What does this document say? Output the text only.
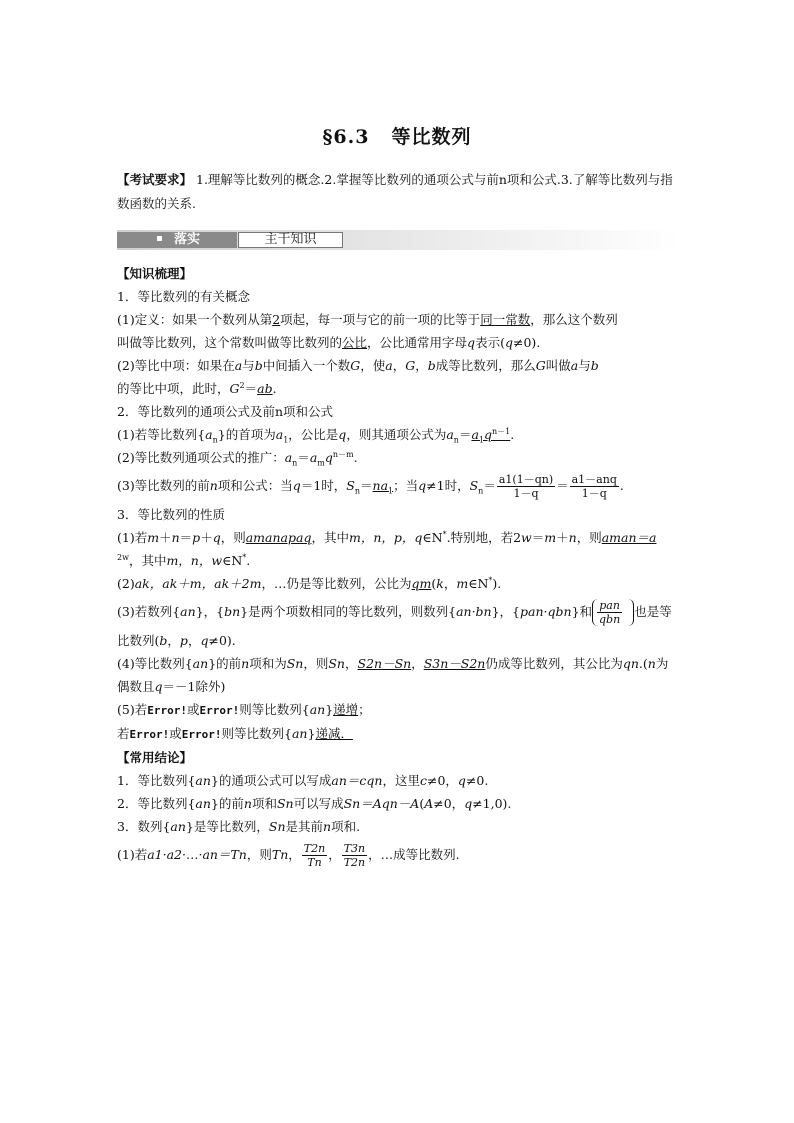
§6.3 等比数列
【考试要求】 1.理解等比数列的概念.2.掌握等比数列的通项公式与前n项和公式.3.了解等比数列与指数函数的关系.
落实	主干知识
【知识梳理】
1．等比数列的有关概念
(1)定义：如果一个数列从第2项起，每一项与它的前一项的比等于同一常数，那么这个数列
叫做等比数列，这个常数叫做等比数列的公比，公比通常用字母q表示(q≠0).
(2)等比中项：如果在a与b中间插入一个数G，使a，G，b成等比数列，那么G叫做a与b
的等比中项，此时，$G^2=ab$.
2．等比数列的通项公式及前n项和公式
(1)若等比数列$\{a_n\}$的首项为$a_1$，公比是q，则其通项公式为$a_n=a_1q^{n-1}$.
(2)等比数列通项公式的推广：$a_n=a_mq^{n-m}$.
(3)等比数列的前n项和公式：当q＝1时，$S_n=na_1$；当q≠1时，$S_n= \frac{a1(1-qn)}{1-q} = \frac{\text{a1－anq}}{1-q}$ .
3．等比数列的性质
(1)若m＋n＝p＋q，则amanapaq，其中m，n，p，q∈N*.特别地，若2w＝m＋n，则aman＝a
$^{2w}$，其中m，n，w∈N*.
(2)ak，ak＋m，ak＋2m，…仍是等比数列，公比为qm(k，m∈N*).
(3)若数列{an}，{bn}是两个项数相同的等比数列，则数列{an·bn}，{pan·qbn}和 $\frac{\text{pan}}{\text{qbn}}$ 也是等
比数列(b，p，q≠0).
(4)等比数列{an}的前n项和为Sn，则Sn，S2n－Sn，S3n－S2n仍成等比数列，其公比为qn.(n为
偶数且q＝－1除外)
(5)若Error!或Error!则等比数列{an}递增；
若Error!或Error!则等比数列{an}递减．
【常用结论】
1．等比数列{an}的通项公式可以写成an＝cqn，这里c≠0，q≠0.
2．等比数列{an}的前n项和Sn可以写成Sn＝Aqn－A(A≠0，q≠1,0).
3．数列{an}是等比数列，Sn是其前n项和.
(1)若a1·a2·…·an＝Tn，则Tn， $\frac{T2n}{Tn}$ ， $\frac{T3n}{T2n}$ ，…成等比数列.
